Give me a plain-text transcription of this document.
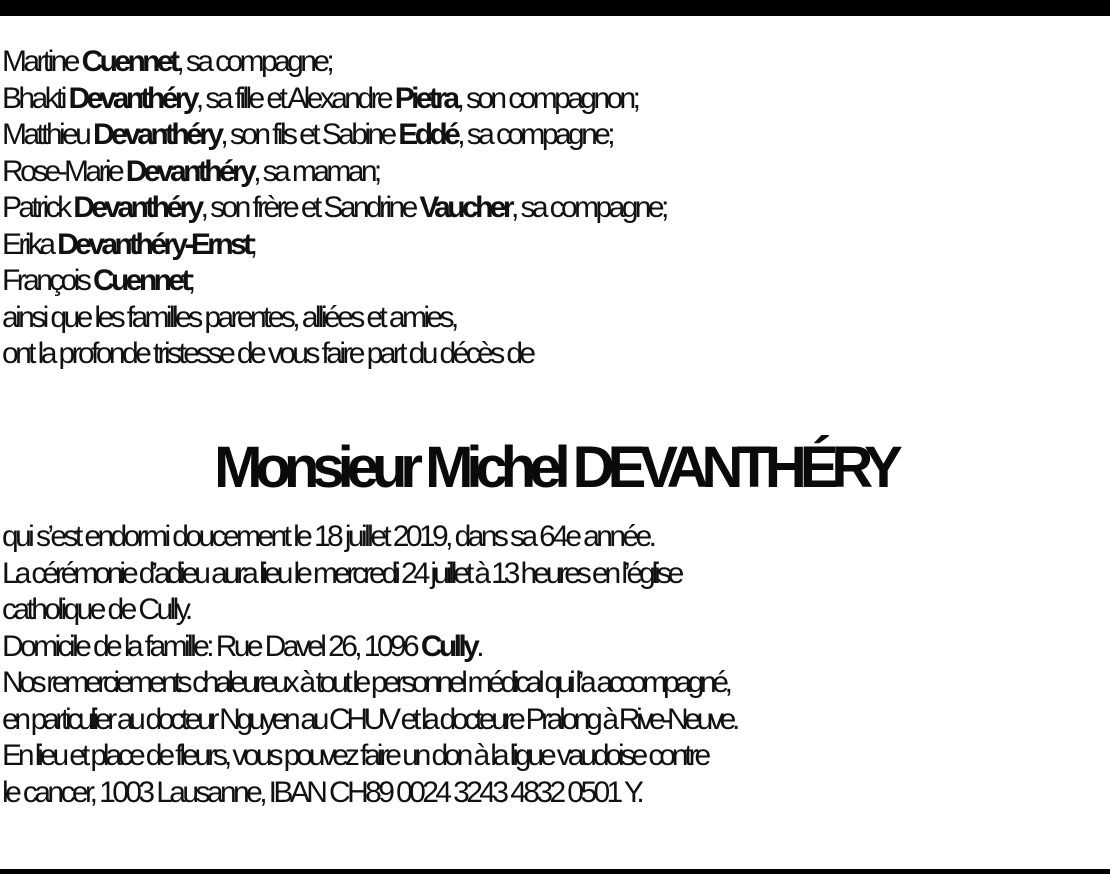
Martine Cuennet, sa compagne;
Bhakti Devanthéry, sa fille et Alexandre Pietra, son compagnon;
Matthieu Devanthéry, son fils et Sabine Eddé, sa compagne;
Rose-Marie Devanthéry, sa maman;
Patrick Devanthéry, son frère et Sandrine Vaucher, sa compagne;
Erika Devanthéry-Ernst;
François Cuennet;
ainsi que les familles parentes, alliées et amies,
ont la profonde tristesse de vous faire part du décès de
Monsieur Michel DEVANTHÉRY
qui s’est endormi doucement le 18 juillet 2019, dans sa 64e année.
La cérémonie d’adieu aura lieu le mercredi 24 juillet à 13 heures en l’église
catholique de Cully.
Domicile de la famille: Rue Davel 26, 1096 Cully.
Nos remerciements chaleureux à tout le personnel médical qui l’a accompagné,
en particulier au docteur Nguyen au CHUV et la docteure Pralong à Rive-Neuve.
En lieu et place de fleurs, vous pouvez faire un don à la ligue vaudoise contre
le cancer, 1003 Lausanne, IBAN CH89 0024 3243 4832 0501 Y.
